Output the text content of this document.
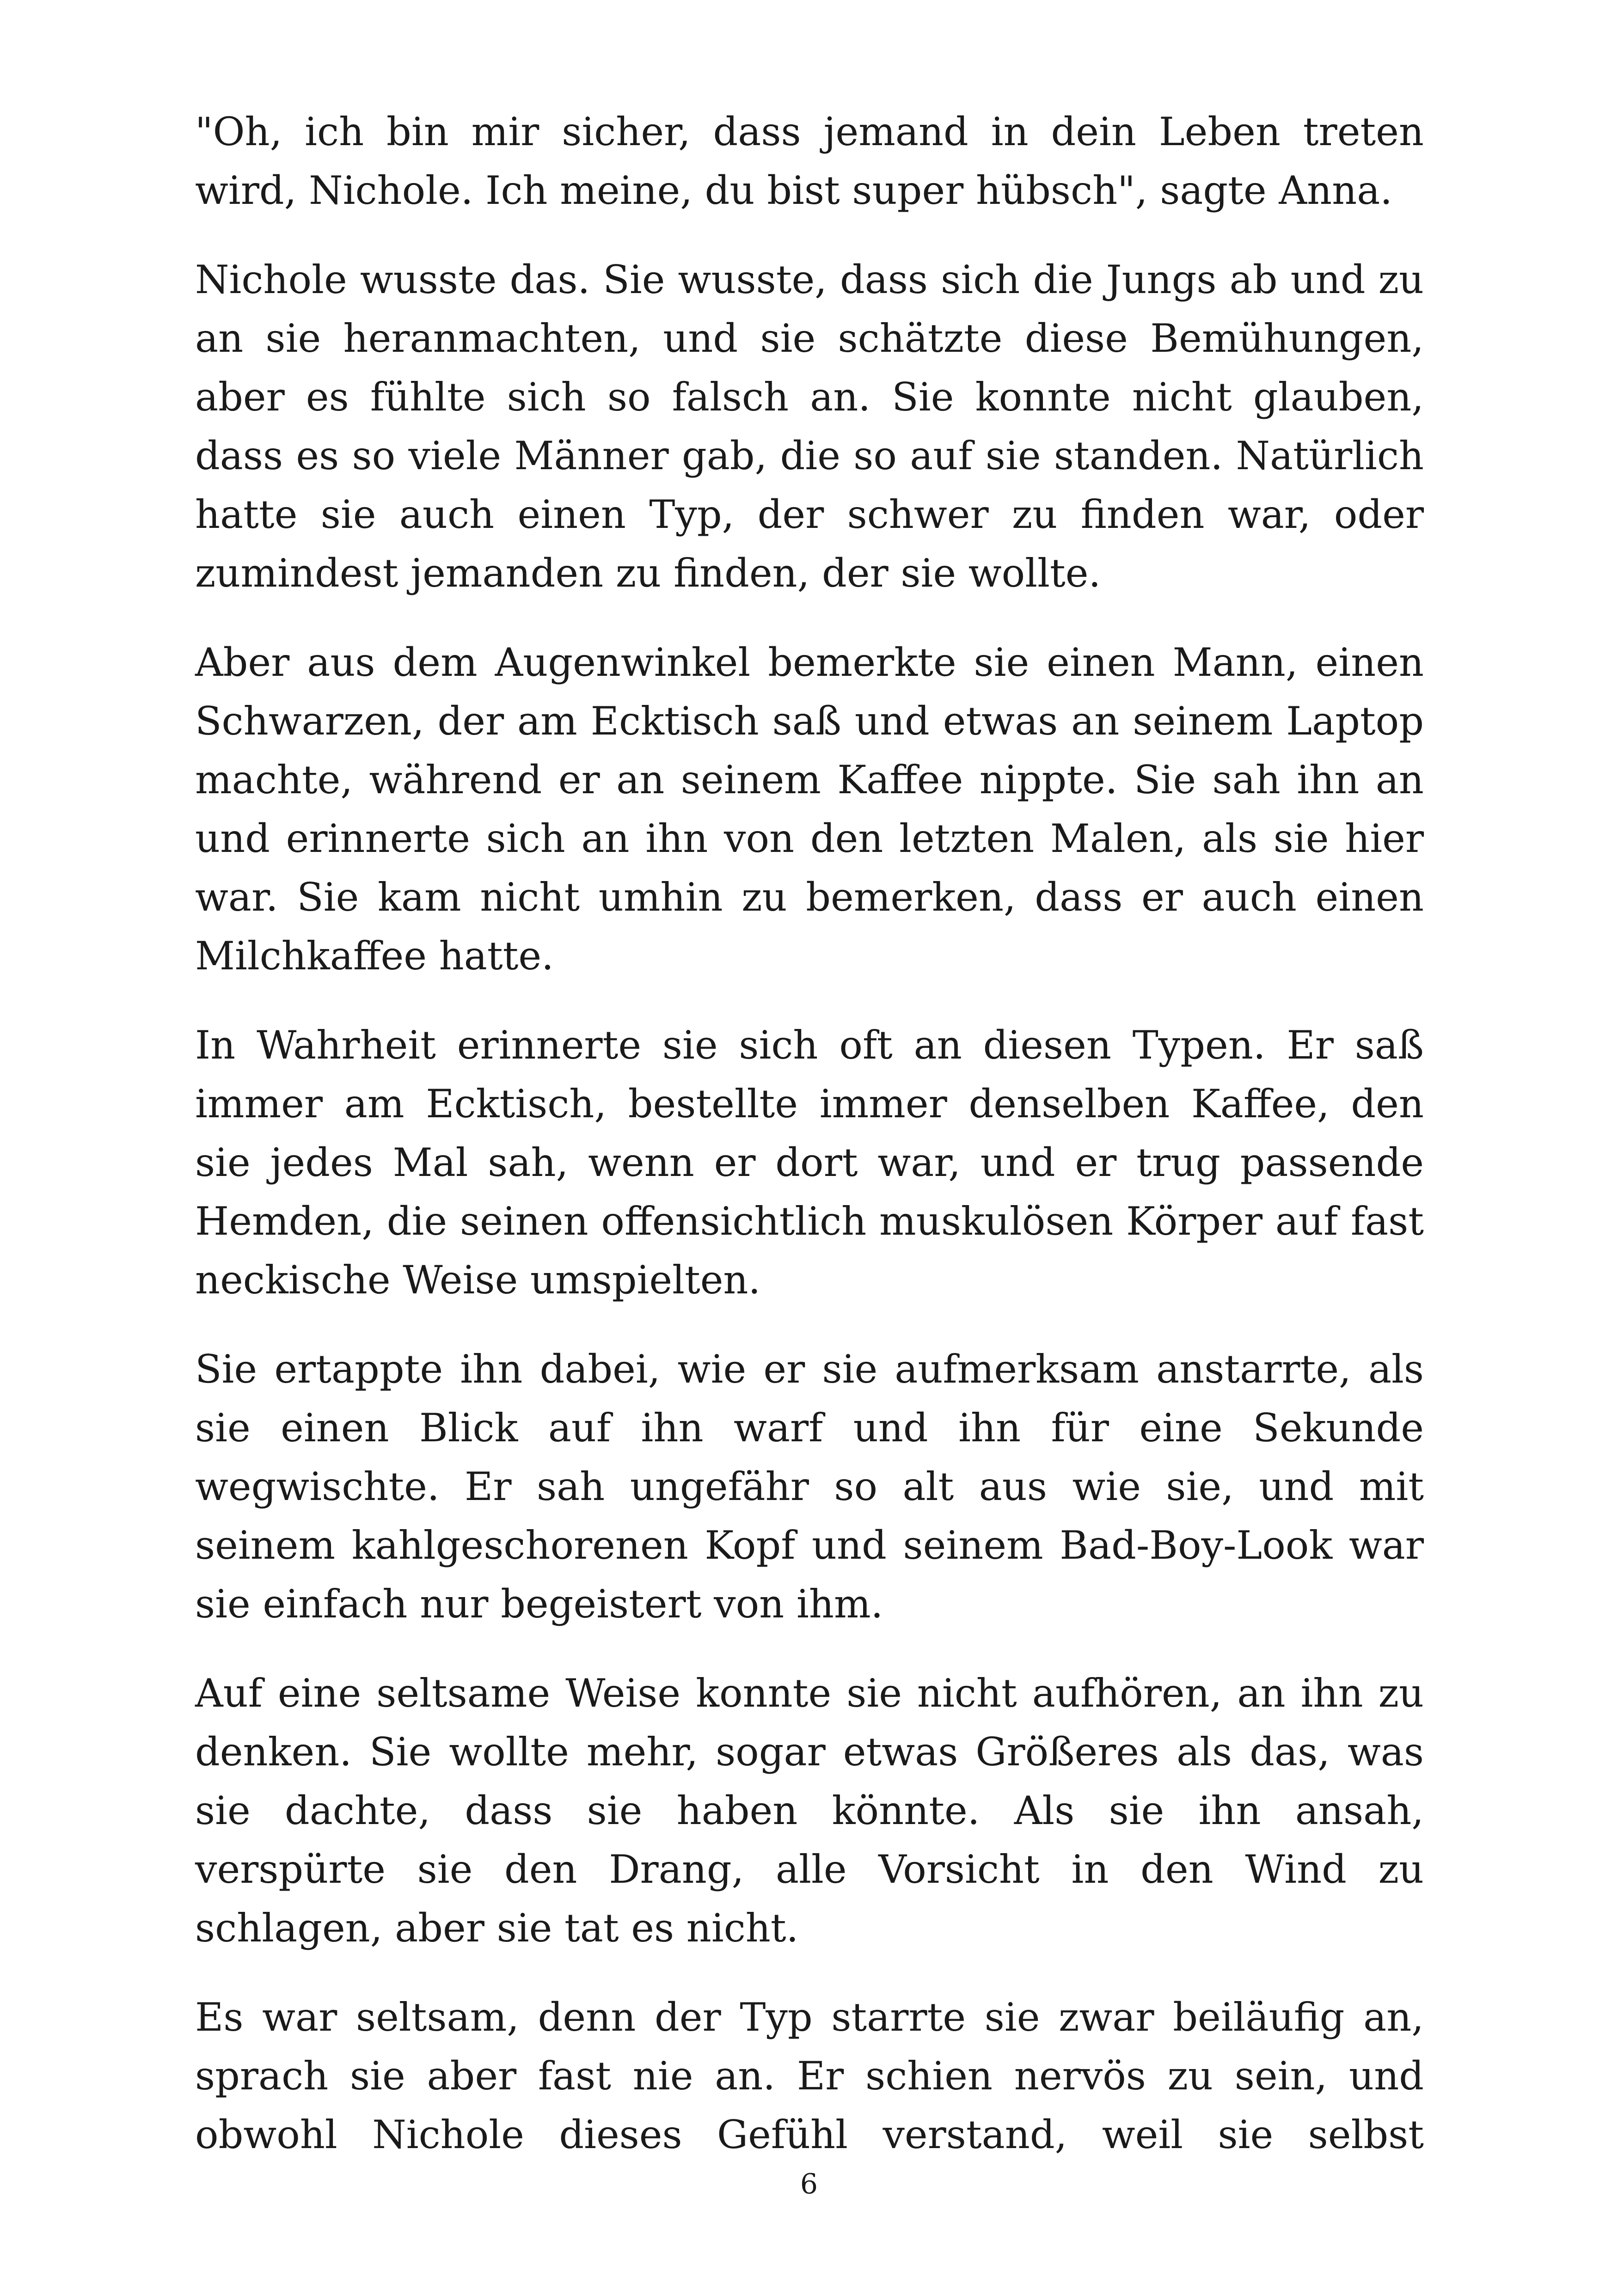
"Oh, ich bin mir sicher, dass jemand in dein Leben treten wird, Nichole. Ich meine, du bist super hübsch", sagte Anna.

Nichole wusste das. Sie wusste, dass sich die Jungs ab und zu an sie heranmachten, und sie schätzte diese Bemühungen, aber es fühlte sich so falsch an. Sie konnte nicht glauben, dass es so viele Männer gab, die so auf sie standen. Natürlich hatte sie auch einen Typ, der schwer zu finden war, oder zumindest jemanden zu finden, der sie wollte.

Aber aus dem Augenwinkel bemerkte sie einen Mann, einen Schwarzen, der am Ecktisch saß und etwas an seinem Laptop machte, während er an seinem Kaffee nippte. Sie sah ihn an und erinnerte sich an ihn von den letzten Malen, als sie hier war. Sie kam nicht umhin zu bemerken, dass er auch einen Milchkaffee hatte.

In Wahrheit erinnerte sie sich oft an diesen Typen. Er saß immer am Ecktisch, bestellte immer denselben Kaffee, den sie jedes Mal sah, wenn er dort war, und er trug passende Hemden, die seinen offensichtlich muskulösen Körper auf fast neckische Weise umspielten.

Sie ertappte ihn dabei, wie er sie aufmerksam anstarrte, als sie einen Blick auf ihn warf und ihn für eine Sekunde wegwischte. Er sah ungefähr so alt aus wie sie, und mit seinem kahlgeschorenen Kopf und seinem Bad-Boy-Look war sie einfach nur begeistert von ihm.

Auf eine seltsame Weise konnte sie nicht aufhören, an ihn zu denken. Sie wollte mehr, sogar etwas Größeres als das, was sie dachte, dass sie haben könnte. Als sie ihn ansah, verspürte sie den Drang, alle Vorsicht in den Wind zu schlagen, aber sie tat es nicht.

Es war seltsam, denn der Typ starrte sie zwar beiläufig an, sprach sie aber fast nie an. Er schien nervös zu sein, und obwohl Nichole dieses Gefühl verstand, weil sie selbst

6
